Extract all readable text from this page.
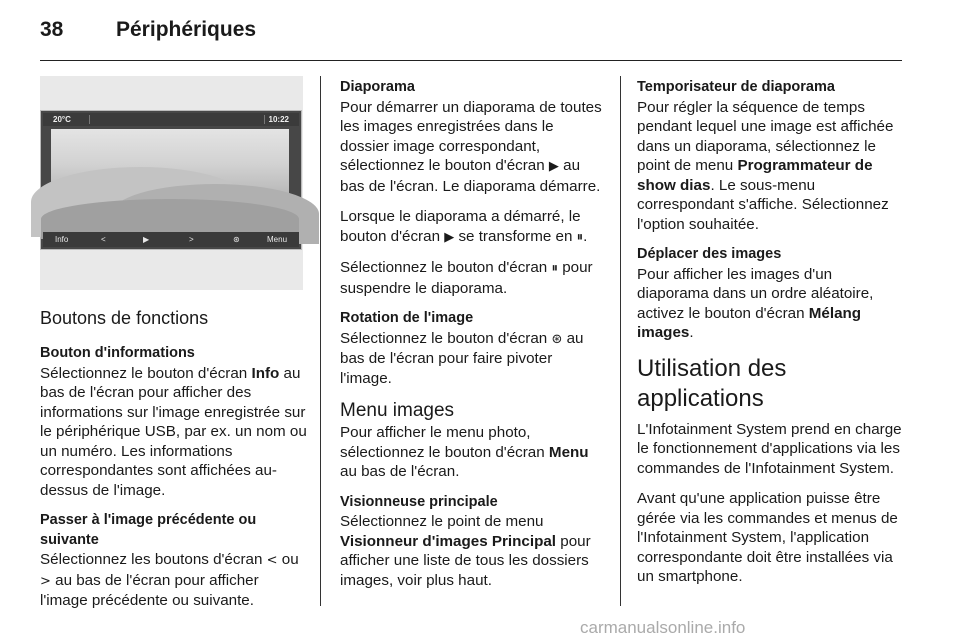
38	Périphériques
20°C	10:22
Info	<	▶	>	⊛	Menu

Boutons de fonctions

Bouton d'informations

Sélectionnez le bouton d'écran Info au bas de l'écran pour afficher des informations sur l'image enregistrée sur le périphérique USB, par ex. un nom ou un numéro. Les informations correspondantes sont affichées au-dessus de l'image.

Passer à l'image précédente ou suivante

Sélectionnez les boutons d'écran < ou > au bas de l'écran pour afficher l'image précédente ou suivante.

Diaporama

Pour démarrer un diaporama de toutes les images enregistrées dans le dossier image correspondant, sélectionnez le bouton d'écran ▶ au bas de l'écran. Le diaporama démarre.

Lorsque le diaporama a démarré, le bouton d'écran ▶ se transforme en ⏸.

Sélectionnez le bouton d'écran ⏸ pour suspendre le diaporama.

Rotation de l'image

Sélectionnez le bouton d'écran ⊛ au bas de l'écran pour faire pivoter l'image.

Menu images

Pour afficher le menu photo, sélectionnez le bouton d'écran Menu au bas de l'écran.

Visionneuse principale

Sélectionnez le point de menu Visionneur d'images Principal pour afficher une liste de tous les dossiers images, voir plus haut.

Temporisateur de diaporama

Pour régler la séquence de temps pendant lequel une image est affichée dans un diaporama, sélectionnez le point de menu Programmateur de show dias. Le sous-menu correspondant s'affiche. Sélectionnez l'option souhaitée.

Déplacer des images

Pour afficher les images d'un diaporama dans un ordre aléatoire, activez le bouton d'écran Mélang images.

Utilisation des applications

L'Infotainment System prend en charge le fonctionnement d'applications via les commandes de l'Infotainment System.

Avant qu'une application puisse être gérée via les commandes et menus de l'Infotainment System, l'application correspondante doit être installées via un smartphone.

carmanualsonline.info
